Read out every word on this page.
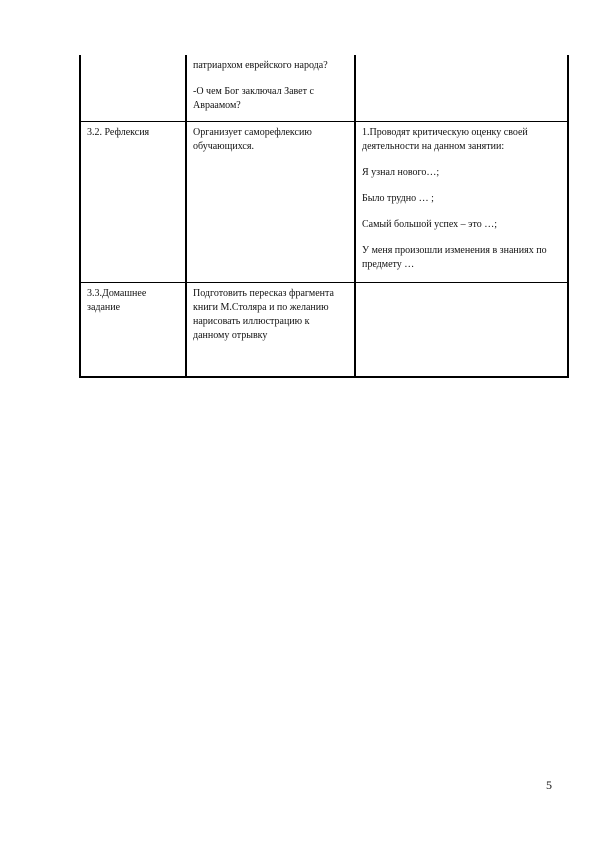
	патриархом еврейского народа?
-О чем Бог заключал Завет с Авраамом?	

3.2. Рефлексия	Организует саморефлексию обучающихся.	1.Проводят критическую оценку своей деятельности на данном занятии:
Я узнал нового…;
Было трудно … ;
Самый большой успех – это …;
У меня произошли изменения в знаниях по предмету …

3.3.Домашнее задание	Подготовить пересказ фрагмента книги М.Столяра и по желанию нарисовать иллюстрацию к данному отрывку	

5
